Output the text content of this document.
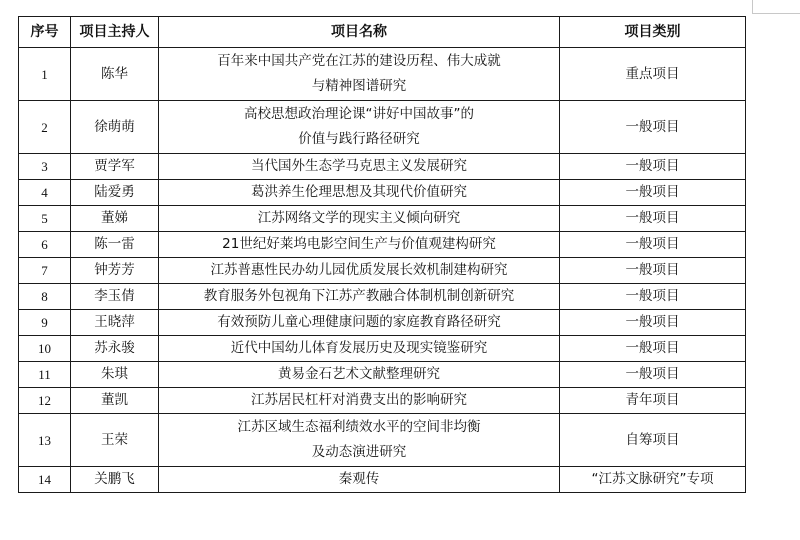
序号	项目主持人	项目名称	项目类别
1	陈华	百年来中国共产党在江苏的建设历程、伟大成就
与精神图谱研究	重点项目
2	徐萌萌	高校思想政治理论课“讲好中国故事”的
价值与践行路径研究	一般项目
3	贾学军	当代国外生态学马克思主义发展研究	一般项目
4	陆爱勇	葛洪养生伦理思想及其现代价值研究	一般项目
5	董娣	江苏网络文学的现实主义倾向研究	一般项目
6	陈一雷	21世纪好莱坞电影空间生产与价值观建构研究	一般项目
7	钟芳芳	江苏普惠性民办幼儿园优质发展长效机制建构研究	一般项目
8	李玉倩	教育服务外包视角下江苏产教融合体制机制创新研究	一般项目
9	王晓萍	有效预防儿童心理健康问题的家庭教育路径研究	一般项目
10	苏永骏	近代中国幼儿体育发展历史及现实镜鉴研究	一般项目
11	朱琪	黄易金石艺术文献整理研究	一般项目
12	董凯	江苏居民杠杆对消费支出的影响研究	青年项目
13	王荣	江苏区域生态福利绩效水平的空间非均衡
及动态演进研究	自筹项目
14	关鹏飞	秦观传	“江苏文脉研究”专项
